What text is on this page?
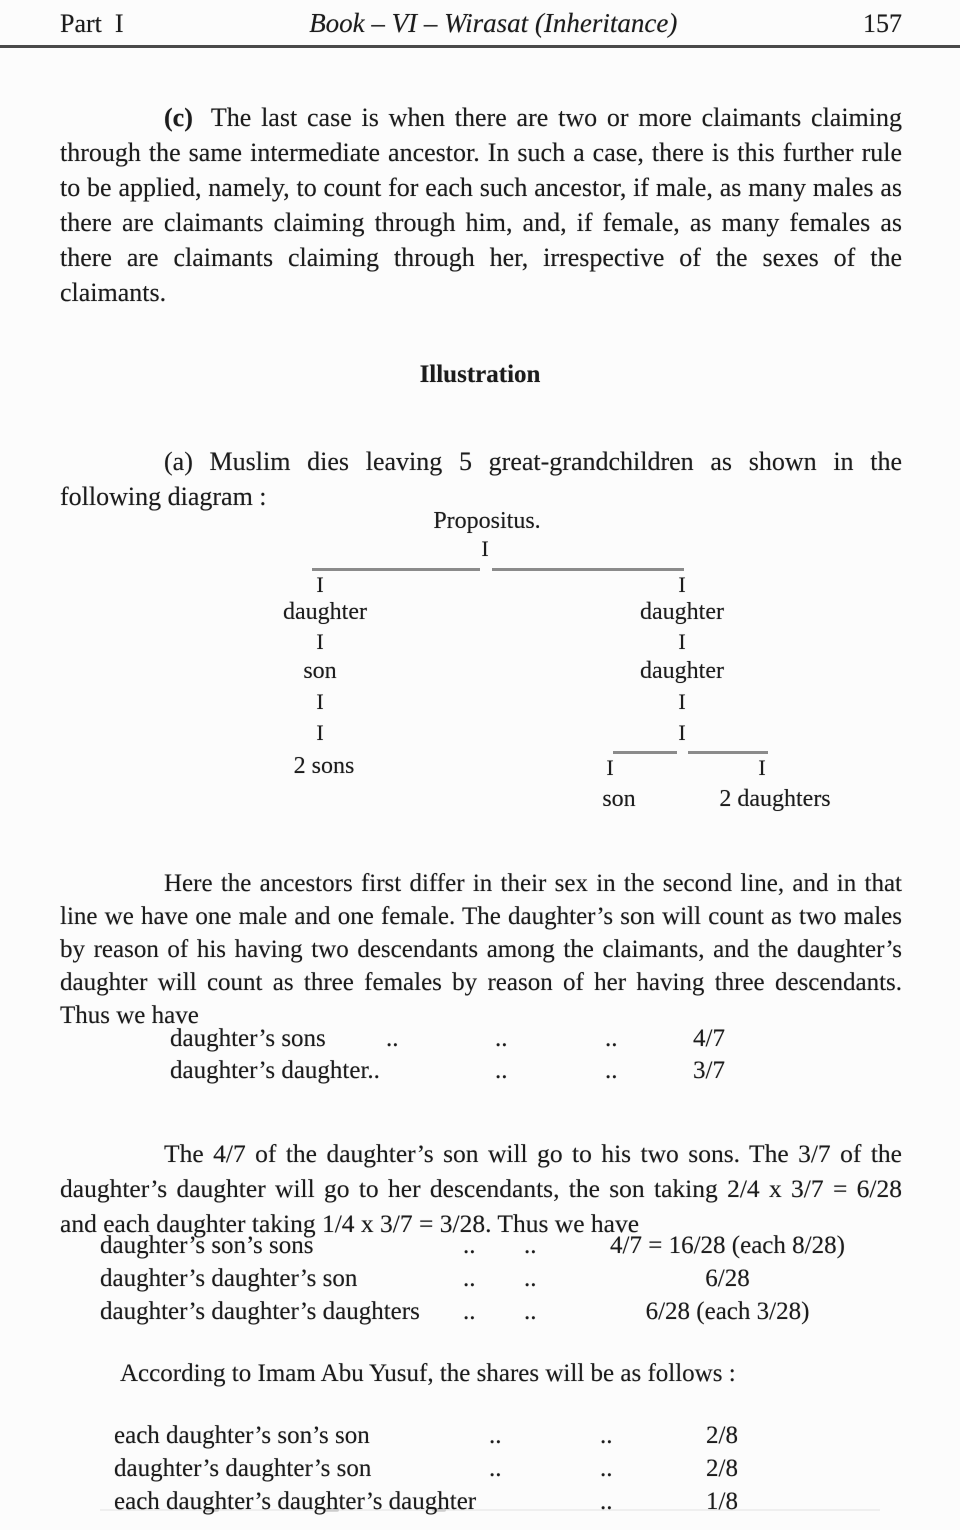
Part  I	Book – VI – Wirasat (Inheritance)	157

(c) The last case is when there are two or more claimants claiming through the same intermediate ancestor. In such a case, there is this further rule to be applied, namely, to count for each such ancestor, if male, as many males as there are claimants claiming through him, and, if female, as many females as there are claimants claiming through her, irrespective of the sexes of the claimants.

Illustration

(a) Muslim dies leaving 5 great-grandchildren as shown in the following diagram :

Propositus.
I
I
daughter
I
son
I
I
2 sons
I
daughter
I
daughter
I
I
I	I
son	2 daughters

Here the ancestors first differ in their sex in the second line, and in that line we have one male and one female. The daughter’s son will count as two males by reason of his having two descendants among the claimants, and the daughter’s daughter will count as three females by reason of her having three descendants. Thus we have

daughter’s sons ..	..	..	4/7
daughter’s daughter..	..	..	3/7

The 4/7 of the daughter’s son will go to his two sons. The 3/7 of the daughter’s daughter will go to her descendants, the son taking 2/4 x 3/7 = 6/28 and each daughter taking 1/4 x 3/7 = 3/28. Thus we have

daughter’s son’s sons	.. ..	4/7 = 16/28 (each 8/28)
daughter’s daughter’s son	.. ..	6/28
daughter’s daughter’s daughters .. ..	6/28 (each 3/28)
According to Imam Abu Yusuf, the shares will be as follows :
each daughter’s son’s son	..	..	2/8
daughter’s daughter’s son	..	..	2/8
each daughter’s daughter’s daughter	..	1/8
